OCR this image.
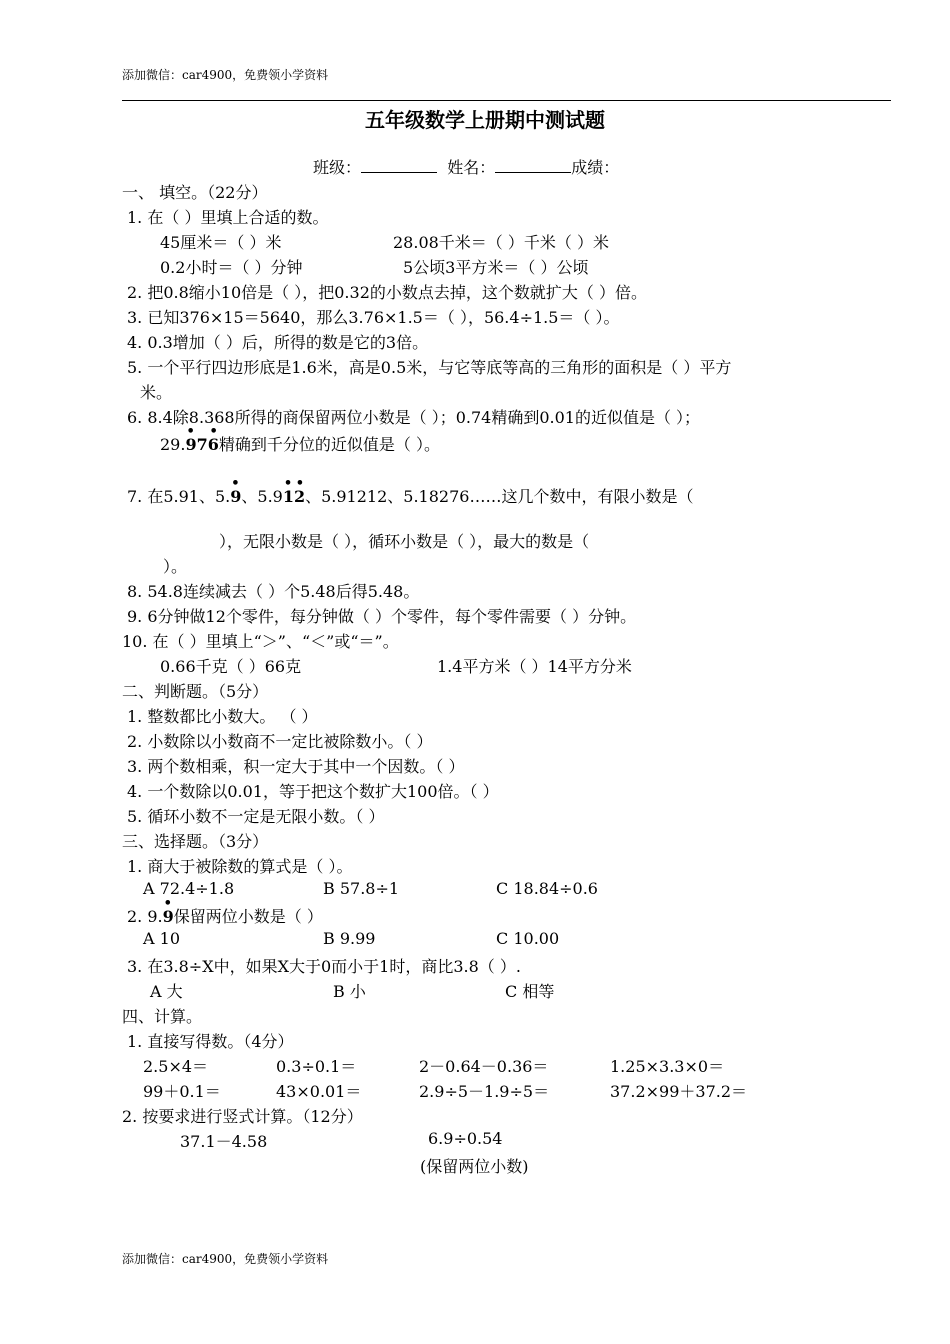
添加微信：car4900，免费领小学资料
五年级数学上册期中测试题
班级：	姓名：	成绩：
一、 填空。（22分）
1. 在（ ）里填上合适的数。
45厘米＝（ ）米	28.08千米＝（ ）千米（ ）米
0.2小时＝（ ）分钟	5公顷3平方米＝（ ）公顷
2. 把0.8缩小10倍是（ ），把0.32的小数点去掉，这个数就扩大（ ）倍。
3. 已知376×15＝5640，那么3.76×1.5＝（ ），56.4÷1.5＝（ ）。
4. 0.3增加（ ）后，所得的数是它的3倍。
5. 一个平行四边形底是1.6米，高是0.5米，与它等底等高的三角形的面积是（ ）平方
米。
6. 8.4除8.368所得的商保留两位小数是（ ）；0.74精确到0.01的近似值是（ ）；
29.
•
976
•
精确到千分位的近似值是（ ）。
7. 在5.91、5.
•
9、5.9
•
12
•
、5.91212、5.18276……这几个数中，有限小数是（
），无限小数是（ ），循环小数是（ ），最大的数是（
）。
8. 54.8连续减去（ ）个5.48后得5.48。
9. 6分钟做12个零件，每分钟做（ ）个零件，每个零件需要（ ）分钟。
10. 在（ ）里填上“＞”、“＜”或“＝”。
0.66千克（ ）66克	1.4平方米（ ）14平方分米
二、判断题。（5分）
1. 整数都比小数大。 （ ）
2. 小数除以小数商不一定比被除数小。（ ）
3. 两个数相乘，积一定大于其中一个因数。（ ）
4. 一个数除以0.01，等于把这个数扩大100倍。（ ）
5. 循环小数不一定是无限小数。（ ）
三、选择题。（3分）
1. 商大于被除数的算式是（ ）。
A 72.4÷1.8	B 57.8÷1	C 18.84÷0.6
2. 9.
•
9保留两位小数是（ ）
A 10	B 9.99	C 10.00
3. 在3.8÷X中，如果X大于0而小于1时，商比3.8（ ）.
A 大	B 小	C 相等
四、计算。
1. 直接写得数。（4分）
2.5×4＝	0.3÷0.1＝	2－0.64－0.36＝	1.25×3.3×0＝
99＋0.1＝	43×0.01＝	2.9÷5－1.9÷5＝	37.2×99＋37.2＝
2. 按要求进行竖式计算。（12分）
37.1－4.58	6.9÷0.54
(保留两位小数)
添加微信：car4900，免费领小学资料
